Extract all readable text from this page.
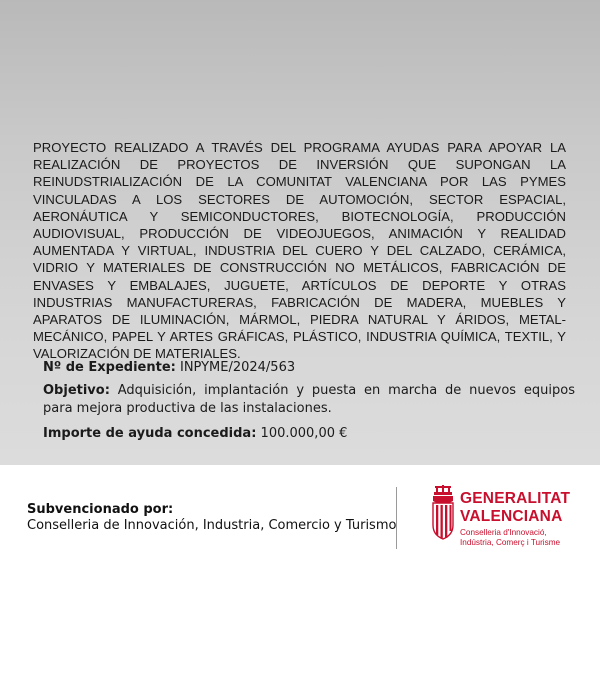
PROYECTO REALIZADO A TRAVÉS DEL PROGRAMA AYUDAS PARA APOYAR LA REALIZACIÓN DE PROYECTOS DE INVERSIÓN QUE SUPONGAN LA REINUDSTRIALIZACIÓN DE LA COMUNITAT VALENCIANA POR LAS PYMES VINCULADAS A LOS SECTORES DE AUTOMOCIÓN, SECTOR ESPACIAL, AERONÁUTICA Y SEMICONDUCTORES, BIOTECNOLOGÍA, PRODUCCIÓN AUDIOVISUAL, PRODUCCIÓN DE VIDEOJUEGOS, ANIMACIÓN Y REALIDAD AUMENTADA Y VIRTUAL, INDUSTRIA DEL CUERO Y DEL CALZADO, CERÁMICA, VIDRIO Y MATERIALES DE CONSTRUCCIÓN NO METÁLICOS, FABRICACIÓN DE ENVASES Y EMBALAJES, JUGUETE, ARTÍCULOS DE DEPORTE Y OTRAS INDUSTRIAS MANUFACTURERAS, FABRICACIÓN DE MADERA, MUEBLES Y APARATOS DE ILUMINACIÓN, MÁRMOL, PIEDRA NATURAL Y ÁRIDOS, METAL-MECÁNICO, PAPEL Y ARTES GRÁFICAS, PLÁSTICO, INDUSTRIA QUÍMICA, TEXTIL, Y VALORIZACIÓN DE MATERIALES.

Nº de Expediente: INPYME/2024/563
Objetivo: Adquisición, implantación y puesta en marcha de nuevos equipos para mejora productiva de las instalaciones.
Importe de ayuda concedida: 100.000,00 €
Subvencionado por:
Conselleria de Innovación, Industria, Comercio y Turismo
GENERALITAT
VALENCIANA
Conselleria d'Innovació,
Indústria, Comerç i Turisme
